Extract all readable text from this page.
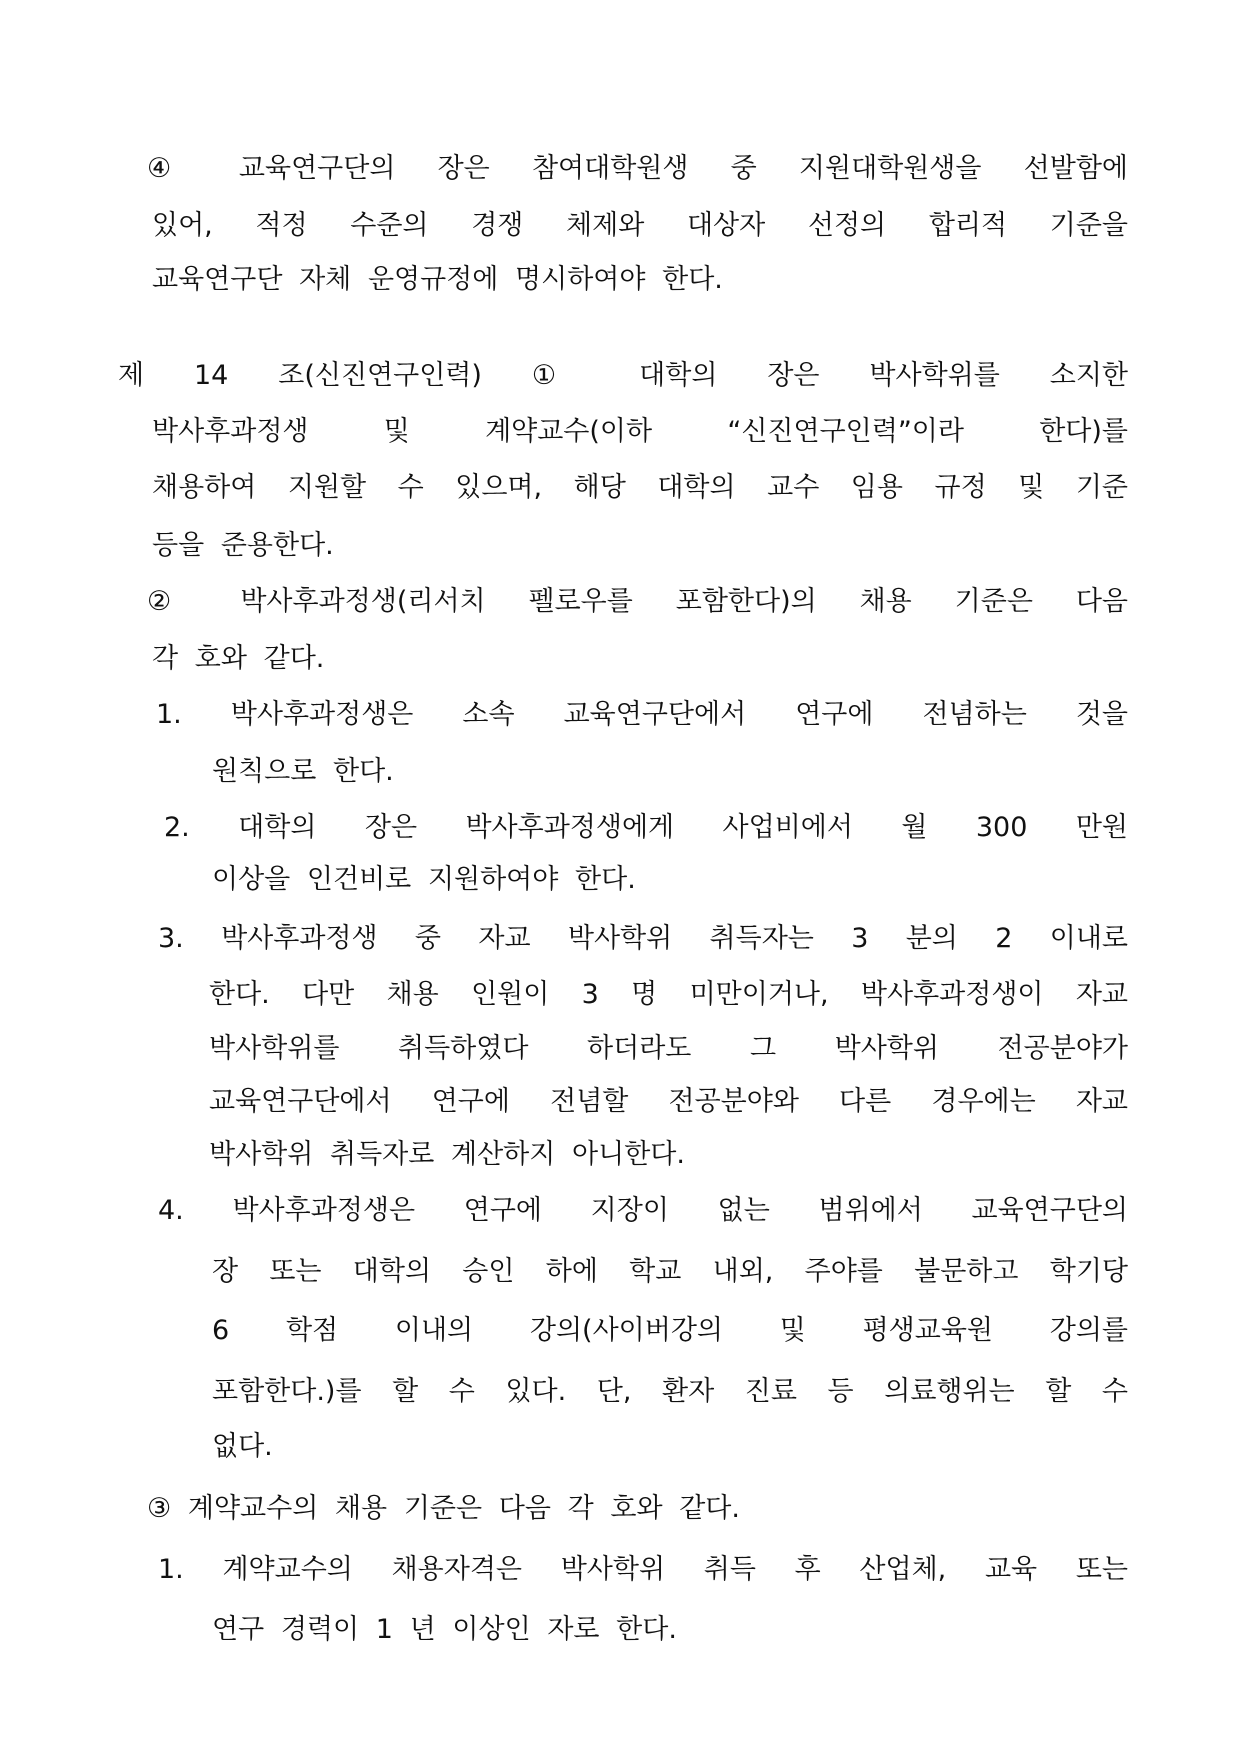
④ 교육연구단의 장은 참여대학원생 중 지원대학원생을 선발함에
있어, 적정 수준의 경쟁 체제와 대상자 선정의 합리적 기준을
교육연구단 자체 운영규정에 명시하여야 한다.
제 14 조(신진연구인력) ① 대학의 장은 박사학위를 소지한
박사후과정생 및 계약교수(이하 “신진연구인력”이라 한다)를
채용하여 지원할 수 있으며, 해당 대학의 교수 임용 규정 및 기준
등을 준용한다.
② 박사후과정생(리서치 펠로우를 포함한다)의 채용 기준은 다음
각 호와 같다.
1. 박사후과정생은 소속 교육연구단에서 연구에 전념하는 것을
원칙으로 한다.
2. 대학의 장은 박사후과정생에게 사업비에서 월 300 만원
이상을 인건비로 지원하여야 한다.
3. 박사후과정생 중 자교 박사학위 취득자는 3 분의 2 이내로
한다. 다만 채용 인원이 3 명 미만이거나, 박사후과정생이 자교
박사학위를 취득하였다 하더라도 그 박사학위 전공분야가
교육연구단에서 연구에 전념할 전공분야와 다른 경우에는 자교
박사학위 취득자로 계산하지 아니한다.
4. 박사후과정생은 연구에 지장이 없는 범위에서 교육연구단의
장 또는 대학의 승인 하에 학교 내외, 주야를 불문하고 학기당
6 학점 이내의 강의(사이버강의 및 평생교육원 강의를
포함한다.)를 할 수 있다. 단, 환자 진료 등 의료행위는 할 수
없다.
③ 계약교수의 채용 기준은 다음 각 호와 같다.
1. 계약교수의 채용자격은 박사학위 취득 후 산업체, 교육 또는
연구 경력이 1 년 이상인 자로 한다.
